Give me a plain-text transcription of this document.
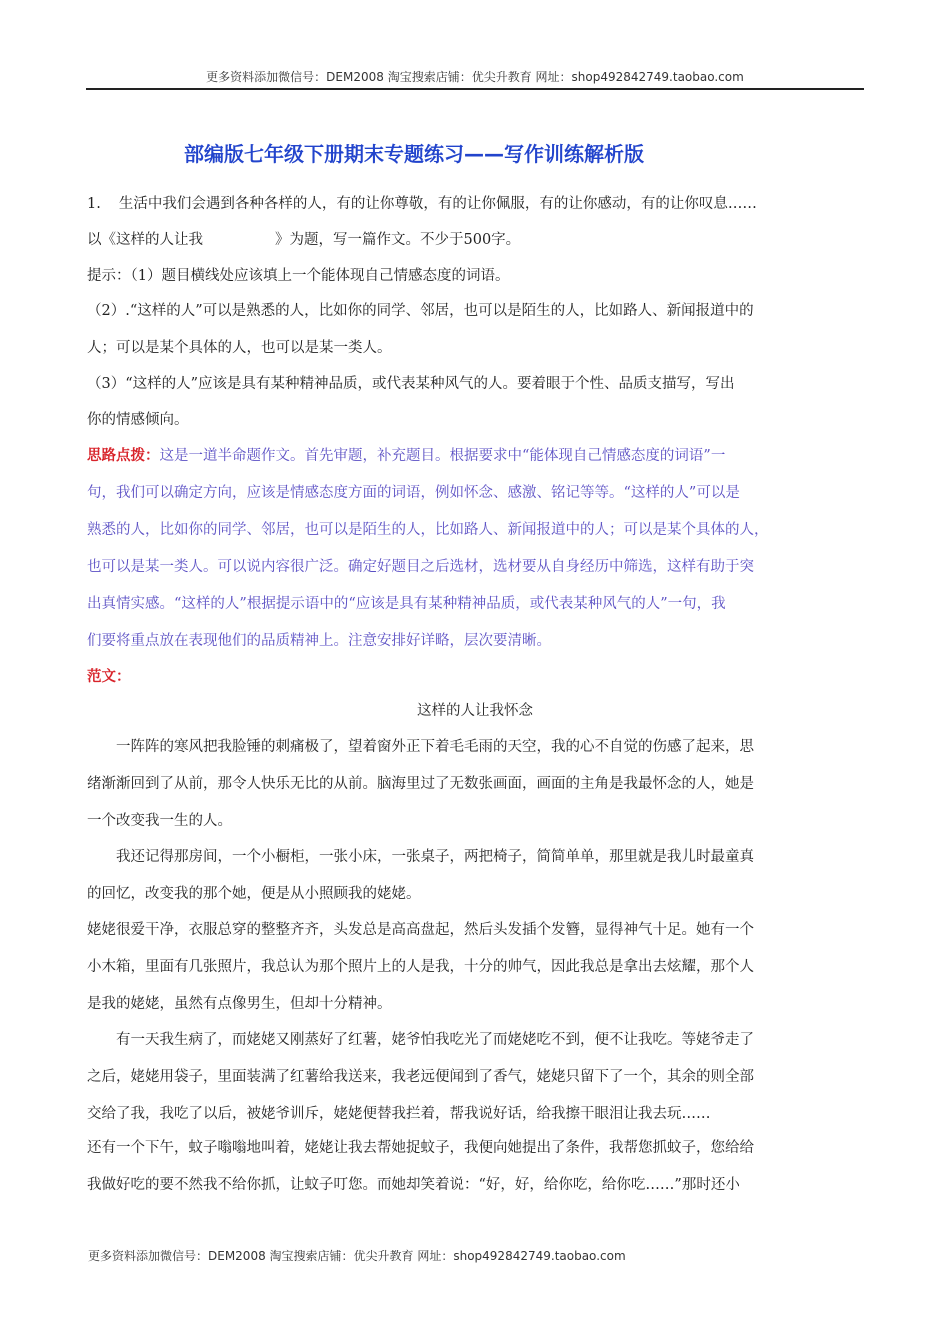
更多资料添加微信号：DEM2008 淘宝搜索店铺：优尖升教育 网址：shop492842749.taobao.com
部编版七年级下册期末专题练习——写作训练解析版
1. 生活中我们会遇到各种各样的人，有的让你尊敬，有的让你佩服，有的让你感动，有的让你叹息……
以《这样的人让我	》为题，写一篇作文。不少于500字。
提示：（1）题目横线处应该填上一个能体现自己情感态度的词语。
（2）.“这样的人”可以是熟悉的人，比如你的同学、邻居，也可以是陌生的人，比如路人、新闻报道中的
人；可以是某个具体的人，也可以是某一类人。
（3）“这样的人”应该是具有某种精神品质，或代表某种风气的人。要着眼于个性、品质支描写，写出
你的情感倾向。
思路点拨：这是一道半命题作文。首先审题，补充题目。根据要求中“能体现自己情感态度的词语”一
句，我们可以确定方向，应该是情感态度方面的词语，例如怀念、感激、铭记等等。“这样的人”可以是
熟悉的人，比如你的同学、邻居，也可以是陌生的人，比如路人、新闻报道中的人；可以是某个具体的人，
也可以是某一类人。可以说内容很广泛。确定好题目之后选材，选材要从自身经历中筛选，这样有助于突
出真情实感。“这样的人”根据提示语中的“应该是具有某种精神品质，或代表某种风气的人”一句，我
们要将重点放在表现他们的品质精神上。注意安排好详略，层次要清晰。
范文：
这样的人让我怀念
一阵阵的寒风把我脸锤的刺痛极了，望着窗外正下着毛毛雨的天空，我的心不自觉的伤感了起来，思
绪渐渐回到了从前，那令人快乐无比的从前。脑海里过了无数张画面，画面的主角是我最怀念的人，她是
一个改变我一生的人。
我还记得那房间，一个小橱柜，一张小床，一张桌子，两把椅子，简简单单，那里就是我儿时最童真
的回忆，改变我的那个她，便是从小照顾我的姥姥。
姥姥很爱干净，衣服总穿的整整齐齐，头发总是高高盘起，然后头发插个发簪，显得神气十足。她有一个
小木箱，里面有几张照片，我总认为那个照片上的人是我，十分的帅气，因此我总是拿出去炫耀，那个人
是我的姥姥，虽然有点像男生，但却十分精神。
有一天我生病了，而姥姥又刚蒸好了红薯，姥爷怕我吃光了而姥姥吃不到，便不让我吃。等姥爷走了
之后，姥姥用袋子，里面装满了红薯给我送来，我老远便闻到了香气，姥姥只留下了一个，其余的则全部
交给了我，我吃了以后，被姥爷训斥，姥姥便替我拦着，帮我说好话，给我擦干眼泪让我去玩……
还有一个下午，蚊子嗡嗡地叫着，姥姥让我去帮她捉蚊子，我便向她提出了条件，我帮您抓蚊子，您给给
我做好吃的要不然我不给你抓，让蚊子叮您。而她却笑着说：“好，好，给你吃，给你吃……”那时还小
更多资料添加微信号：DEM2008 淘宝搜索店铺：优尖升教育 网址：shop492842749.taobao.com
